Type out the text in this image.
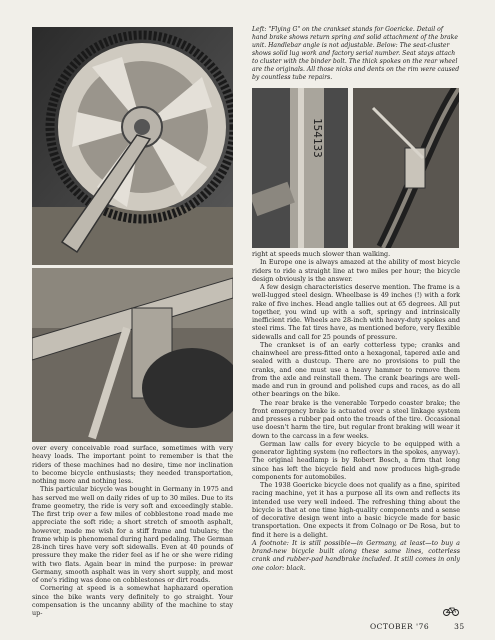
154133
Left: "Flying G" on the crankset stands for Goericke. Detail of hand brake shows return spring and solid attachment of the brake unit. Handlebar angle is not adjustable. Below: The seat-cluster shows solid lug work and factory serial number. Seat stays attach to cluster with the binder bolt. The thick spokes on the rear wheel are the originals. All those nicks and dents on the rim were caused by countless tube repairs.

over every conceivable road surface, sometimes with very heavy loads. The important point to remember is that the riders of these machines had no desire, time nor inclination to become bicycle enthusiasts; they needed transportation, nothing more and nothing less.

This particular bicycle was bought in Germany in 1975 and has served me well on daily rides of up to 30 miles. Due to its frame geometry, the ride is very soft and exceedingly stable. The first trip over a few miles of cobblestone road made me appreciate the soft ride; a short stretch of smooth asphalt, however, made me wish for a stiff frame and tubulars; the frame whip is phenomenal during hard pedaling. The German 28-inch tires have very soft sidewalls. Even at 40 pounds of pressure they make the rider feel as if he or she were riding with two flats. Again bear in mind the purpose: in prewar Germany, smooth asphalt was in very short supply, and most of one's riding was done on cobblestones or dirt roads.

Cornering at speed is a somewhat haphazard operation since the bike wants very definitely to go straight. Your compensation is the uncanny ability of the machine to stay up-

right at speeds much slower than walking.

In Europe one is always amazed at the ability of most bicycle riders to ride a straight line at two miles per hour; the bicycle design obviously is the answer.

A few design characteristics deserve mention. The frame is a well-lugged steel design. Wheelbase is 49 inches (!) with a fork rake of five inches. Head angle tallies out at 65 degrees. All put together, you wind up with a soft, springy and intrinsically inefficient ride. Wheels are 28-inch with heavy-duty spokes and steel rims. The fat tires have, as mentioned before, very flexible sidewalls and call for 25 pounds of pressure.

The crankset is of an early cotterless type; cranks and chainwheel are press-fitted onto a hexagonal, tapered axle and sealed with a dustcup. There are no provisions to pull the cranks, and one must use a heavy hammer to remove them from the axle and reinstall them. The crank bearings are well-made and run in ground and polished cups and races, as do all other bearings on the bike.

The rear brake is the venerable Torpedo coaster brake; the front emergency brake is actuated over a steel linkage system and presses a rubber pad onto the treads of the tire. Occasional use doesn't harm the tire, but regular front braking will wear it down to the carcass in a few weeks.

German law calls for every bicycle to be equipped with a generator lighting system (no reflectors in the spokes, anyway). The original headlamp is by Robert Bosch, a firm that long since has left the bicycle field and now produces high-grade components for automobiles.

The 1938 Goericke bicycle does not qualify as a fine, spirited racing machine, yet it has a purpose all its own and reflects its intended use very well indeed. The refreshing thing about the bicycle is that at one time high-quality components and a sense of decorative design went into a basic bicycle made for basic transportation. One expects it from Colnago or De Rosa, but to find it here is a delight.

A footnote: It is still possible—in Germany, at least—to buy a brand-new bicycle built along these same lines, cotterless crank and rubber-pad handbrake included. It still comes in only one color: black.

OCTOBER '76	35
